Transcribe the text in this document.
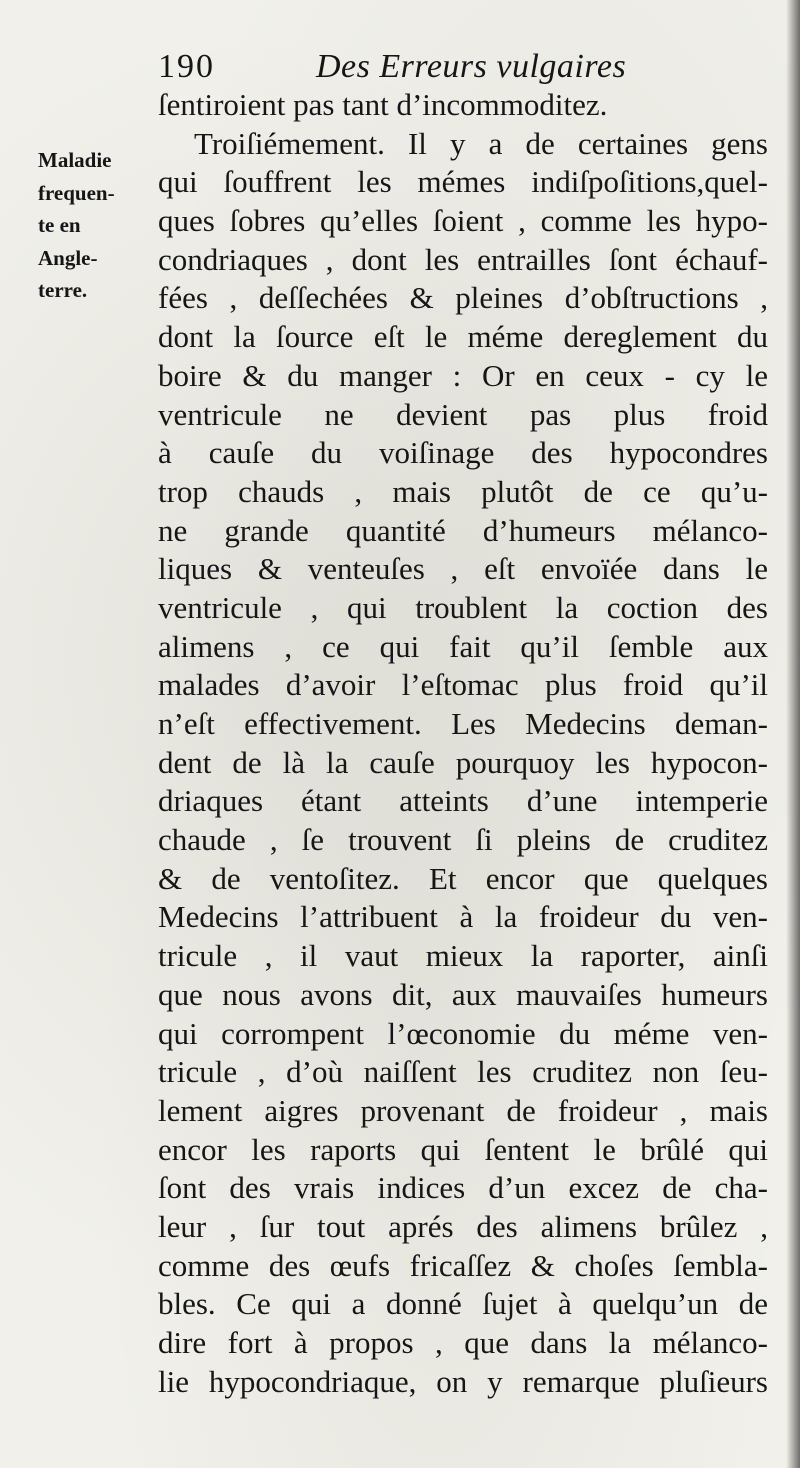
190	Des Erreurs vulgaires
Maladie
frequen-
te en
Angle-
terre.
ſentiroient pas tant d’incommoditez.
Troiſiémement. Il y a de certaines gens
qui ſouffrent les mémes indiſpoſitions,quel-
ques ſobres qu’elles ſoient , comme les hypo-
condriaques , dont les entrailles ſont échauf-
fées , deſſechées & pleines d’obſtructions ,
dont la ſource eſt le méme dereglement du
boire & du manger : Or en ceux - cy le
ventricule ne devient pas plus froid
à cauſe du voiſinage des hypocondres
trop chauds , mais plutôt de ce qu’u-
ne grande quantité d’humeurs mélanco-
liques & venteuſes , eſt envoïée dans le
ventricule , qui troublent la coction des
alimens , ce qui fait qu’il ſemble aux
malades d’avoir l’eſtomac plus froid qu’il
n’eſt effectivement. Les Medecins deman-
dent de là la cauſe pourquoy les hypocon-
driaques étant atteints d’une intemperie
chaude , ſe trouvent ſi pleins de cruditez
& de ventoſitez. Et encor que quelques
Medecins l’attribuent à la froideur du ven-
tricule , il vaut mieux la raporter, ainſi
que nous avons dit, aux mauvaiſes humeurs
qui corrompent l’œconomie du méme ven-
tricule , d’où naiſſent les cruditez non ſeu-
lement aigres provenant de froideur , mais
encor les raports qui ſentent le brûlé qui
ſont des vrais indices d’un excez de cha-
leur , ſur tout aprés des alimens brûlez ,
comme des œufs fricaſſez & choſes ſembla-
bles. Ce qui a donné ſujet à quelqu’un de
dire fort à propos , que dans la mélanco-
lie hypocondriaque, on y remarque pluſieurs
